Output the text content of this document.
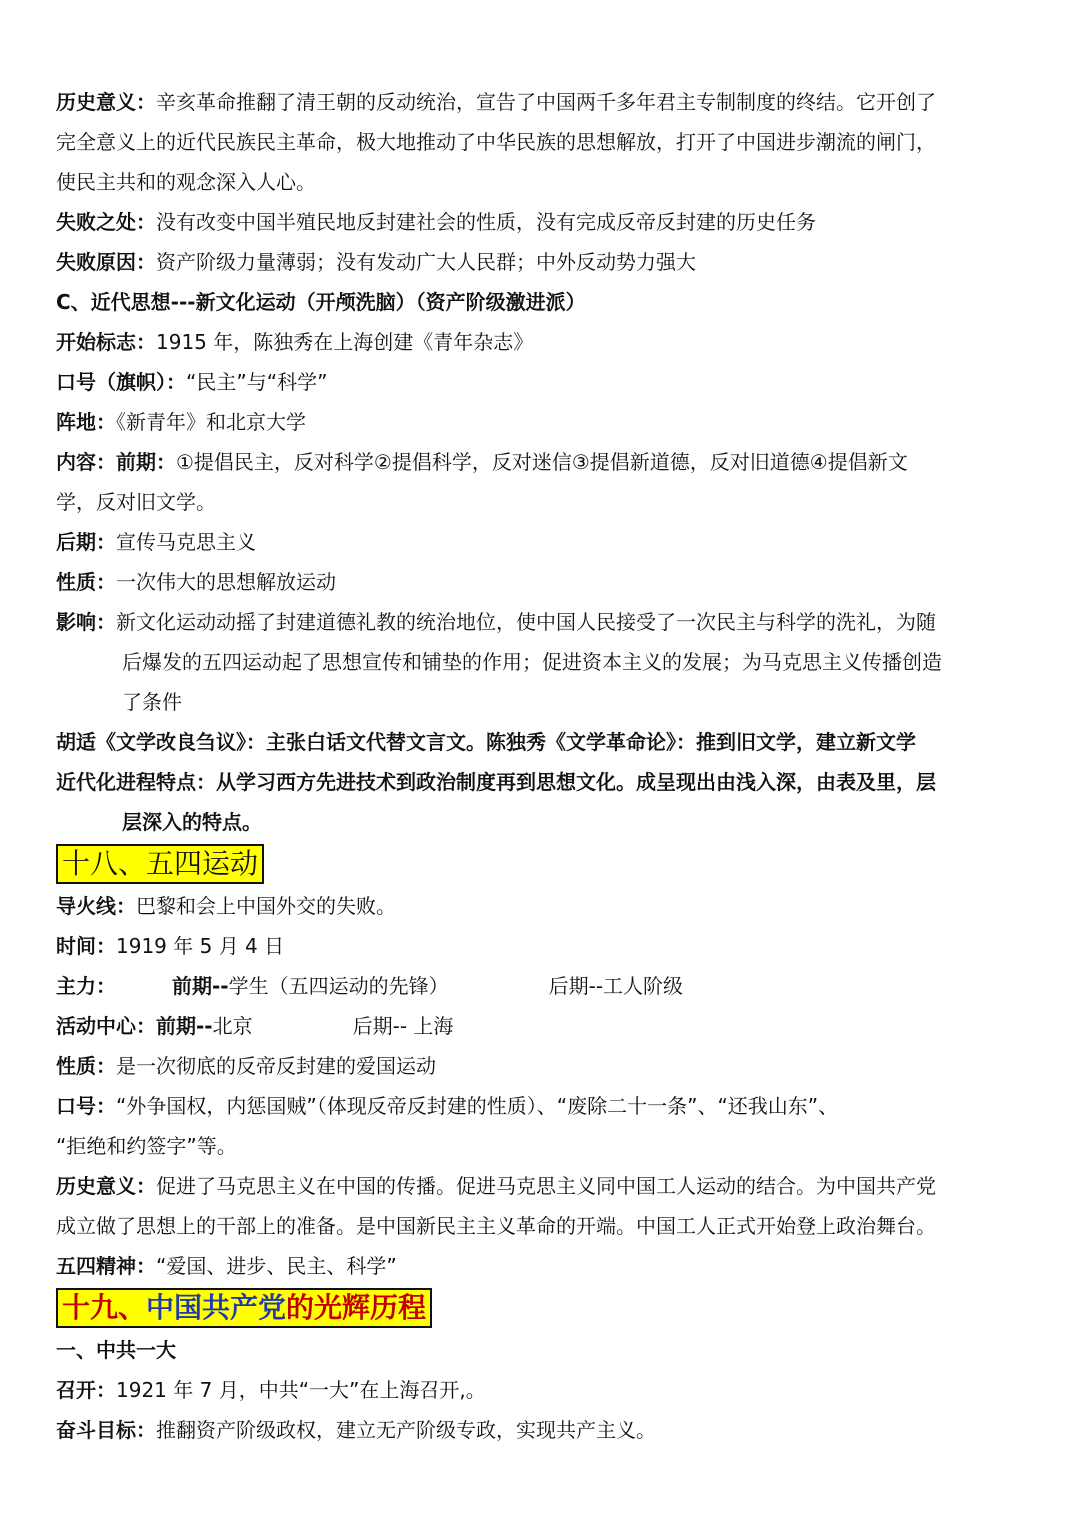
历史意义：辛亥革命推翻了清王朝的反动统治，宣告了中国两千多年君主专制制度的终结。它开创了
完全意义上的近代民族民主革命，极大地推动了中华民族的思想解放，打开了中国进步潮流的闸门，
使民主共和的观念深入人心。
失败之处：没有改变中国半殖民地反封建社会的性质，没有完成反帝反封建的历史任务
失败原因：资产阶级力量薄弱；没有发动广大人民群；中外反动势力强大
C、近代思想---新文化运动（开颅洗脑）（资产阶级激进派）
开始标志：1915 年，陈独秀在上海创建《青年杂志》
口号（旗帜）：“民主”与“科学”
阵地：《新青年》和北京大学
内容：前期：①提倡民主，反对科学②提倡科学，反对迷信③提倡新道德，反对旧道德④提倡新文
学，反对旧文学。
后期：宣传马克思主义
性质：一次伟大的思想解放运动
影响：新文化运动动摇了封建道德礼教的统治地位，使中国人民接受了一次民主与科学的洗礼，为随
后爆发的五四运动起了思想宣传和铺垫的作用；促进资本主义的发展；为马克思主义传播创造
了条件
胡适《文学改良刍议》：主张白话文代替文言文。陈独秀《文学革命论》：推到旧文学，建立新文学
近代化进程特点：从学习西方先进技术到政治制度再到思想文化。成呈现出由浅入深，由表及里，层
层深入的特点。
十八、五四运动
导火线：巴黎和会上中国外交的失败。
时间：1919 年 5 月 4 日
主力：	前期--学生（五四运动的先锋）	后期--工人阶级
活动中心：前期--北京	后期-- 上海
性质：是一次彻底的反帝反封建的爱国运动
口号：“外争国权，内惩国贼”（体现反帝反封建的性质）、“废除二十一条”、“还我山东”、
“拒绝和约签字”等。
历史意义：促进了马克思主义在中国的传播。促进马克思主义同中国工人运动的结合。为中国共产党
成立做了思想上的干部上的准备。是中国新民主主义革命的开端。中国工人正式开始登上政治舞台。
五四精神：“爱国、进步、民主、科学”
十九、中国共产党的光辉历程
一、中共一大
召开：1921 年 7 月，中共“一大”在上海召开,。
奋斗目标：推翻资产阶级政权，建立无产阶级专政，实现共产主义。
